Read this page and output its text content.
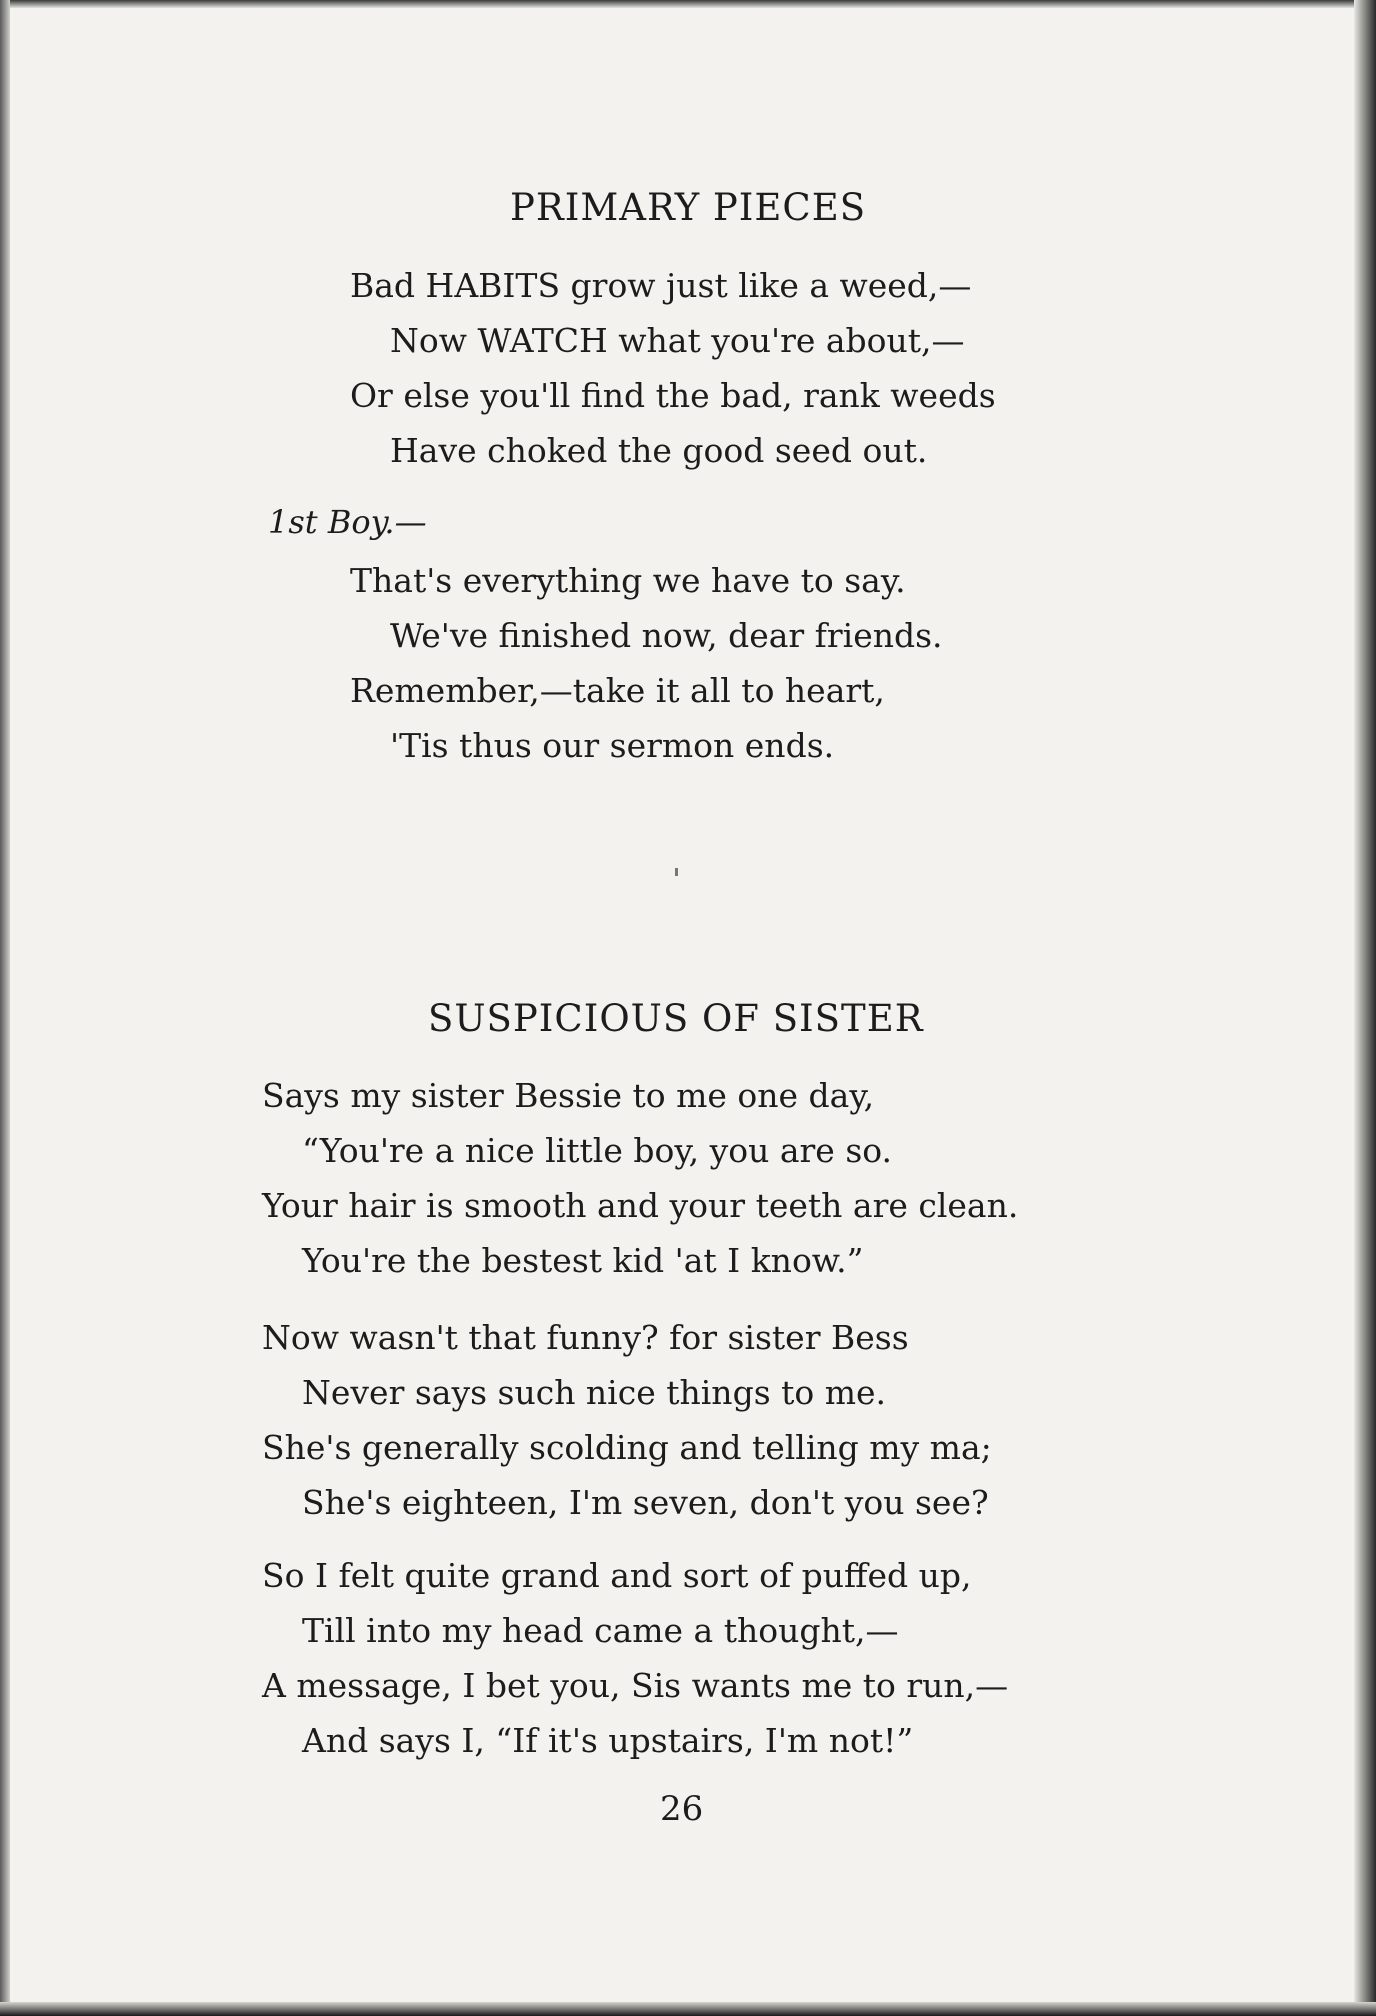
PRIMARY PIECES
Bad HABITS grow just like a weed,—
Now WATCH what you're about,—
Or else you'll find the bad, rank weeds
Have choked the good seed out.

1st Boy.—

That's everything we have to say.
We've finished now, dear friends.
Remember,—take it all to heart,
'Tis thus our sermon ends.
SUSPICIOUS OF SISTER
Says my sister Bessie to me one day,
“You're a nice little boy, you are so.
Your hair is smooth and your teeth are clean.
You're the bestest kid 'at I know.”
Now wasn't that funny? for sister Bess
Never says such nice things to me.
She's generally scolding and telling my ma;
She's eighteen, I'm seven, don't you see?
So I felt quite grand and sort of puffed up,
Till into my head came a thought,—
A message, I bet you, Sis wants me to run,—
And says I, “If it's upstairs, I'm not!”

26
